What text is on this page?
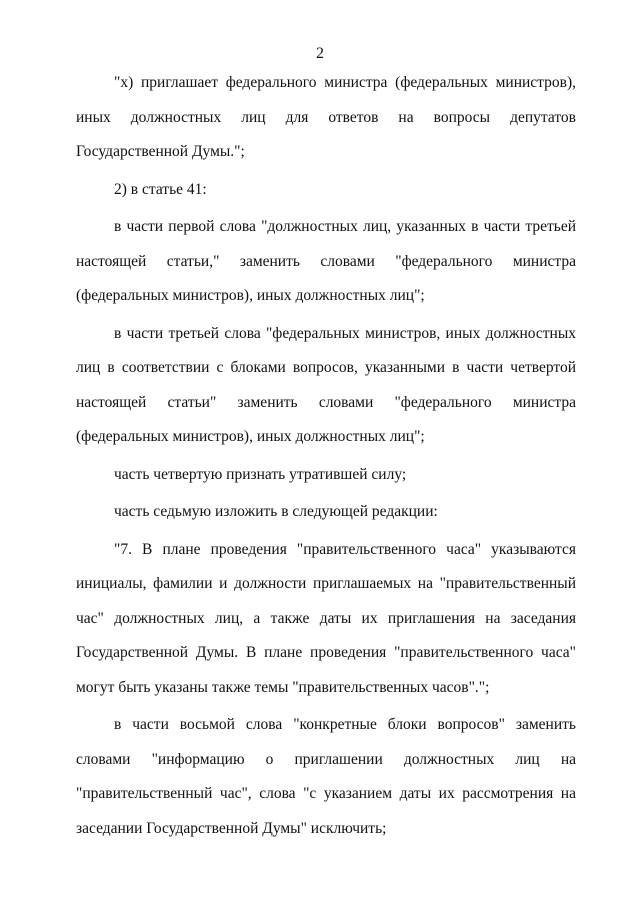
2

"х) приглашает федерального министра (федеральных министров), иных должностных лиц для ответов на вопросы депутатов Государственной Думы.";

2) в статье 41:

в части первой слова "должностных лиц, указанных в части третьей настоящей статьи," заменить словами "федерального министра (федеральных министров), иных должностных лиц";

в части третьей слова "федеральных министров, иных должностных лиц в соответствии с блоками вопросов, указанными в части четвертой настоящей статьи" заменить словами "федерального министра (федеральных министров), иных должностных лиц";

часть четвертую признать утратившей силу;

часть седьмую изложить в следующей редакции:

"7. В плане проведения "правительственного часа" указываются инициалы, фамилии и должности приглашаемых на "правительственный час" должностных лиц, а также даты их приглашения на заседания Государственной Думы. В плане проведения "правительственного часа" могут быть указаны также темы "правительственных часов".";

в части восьмой слова "конкретные блоки вопросов" заменить словами "информацию о приглашении должностных лиц на "правительственный час", слова "с указанием даты их рассмотрения на заседании Государственной Думы" исключить;
